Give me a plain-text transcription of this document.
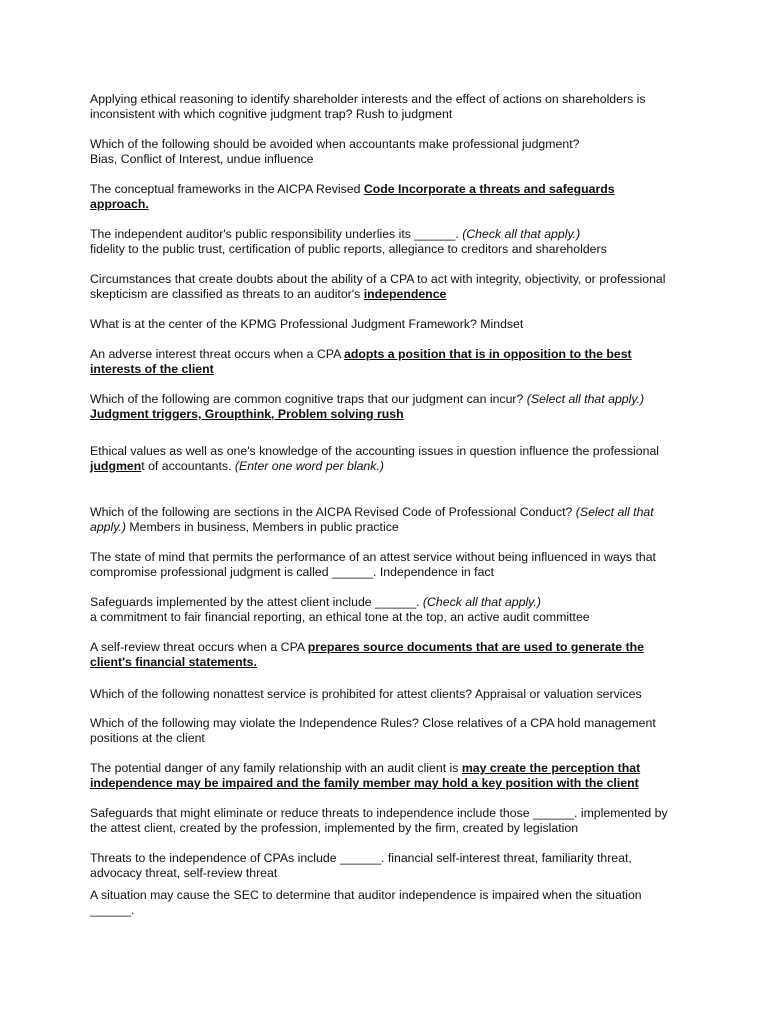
Applying ethical reasoning to identify shareholder interests and the effect of actions on shareholders is inconsistent with which cognitive judgment trap? Rush to judgment
Which of the following should be avoided when accountants make professional judgment?
Bias, Conflict of Interest, undue influence
The conceptual frameworks in the AICPA Revised Code Incorporate a threats and safeguards approach.
The independent auditor's public responsibility underlies its ______. (Check all that apply.)
fidelity to the public trust, certification of public reports, allegiance to creditors and shareholders
Circumstances that create doubts about the ability of a CPA to act with integrity, objectivity, or professional skepticism are classified as threats to an auditor's independence
What is at the center of the KPMG Professional Judgment Framework? Mindset
An adverse interest threat occurs when a CPA adopts a position that is in opposition to the best interests of the client
Which of the following are common cognitive traps that our judgment can incur? (Select all that apply.)
Judgment triggers, Groupthink, Problem solving rush
Ethical values as well as one's knowledge of the accounting issues in question influence the professional judgment of accountants. (Enter one word per blank.)
Which of the following are sections in the AICPA Revised Code of Professional Conduct? (Select all that apply.) Members in business, Members in public practice
The state of mind that permits the performance of an attest service without being influenced in ways that compromise professional judgment is called ______. Independence in fact
Safeguards implemented by the attest client include ______. (Check all that apply.)
a commitment to fair financial reporting, an ethical tone at the top, an active audit committee
A self-review threat occurs when a CPA prepares source documents that are used to generate the client's financial statements.
Which of the following nonattest service is prohibited for attest clients? Appraisal or valuation services
Which of the following may violate the Independence Rules? Close relatives of a CPA hold management positions at the client
The potential danger of any family relationship with an audit client is may create the perception that independence may be impaired and the family member may hold a key position with the client
Safeguards that might eliminate or reduce threats to independence include those ______. implemented by the attest client, created by the profession, implemented by the firm, created by legislation
Threats to the independence of CPAs include ______. financial self-interest threat, familiarity threat, advocacy threat, self-review threat
A situation may cause the SEC to determine that auditor independence is impaired when the situation ______.
